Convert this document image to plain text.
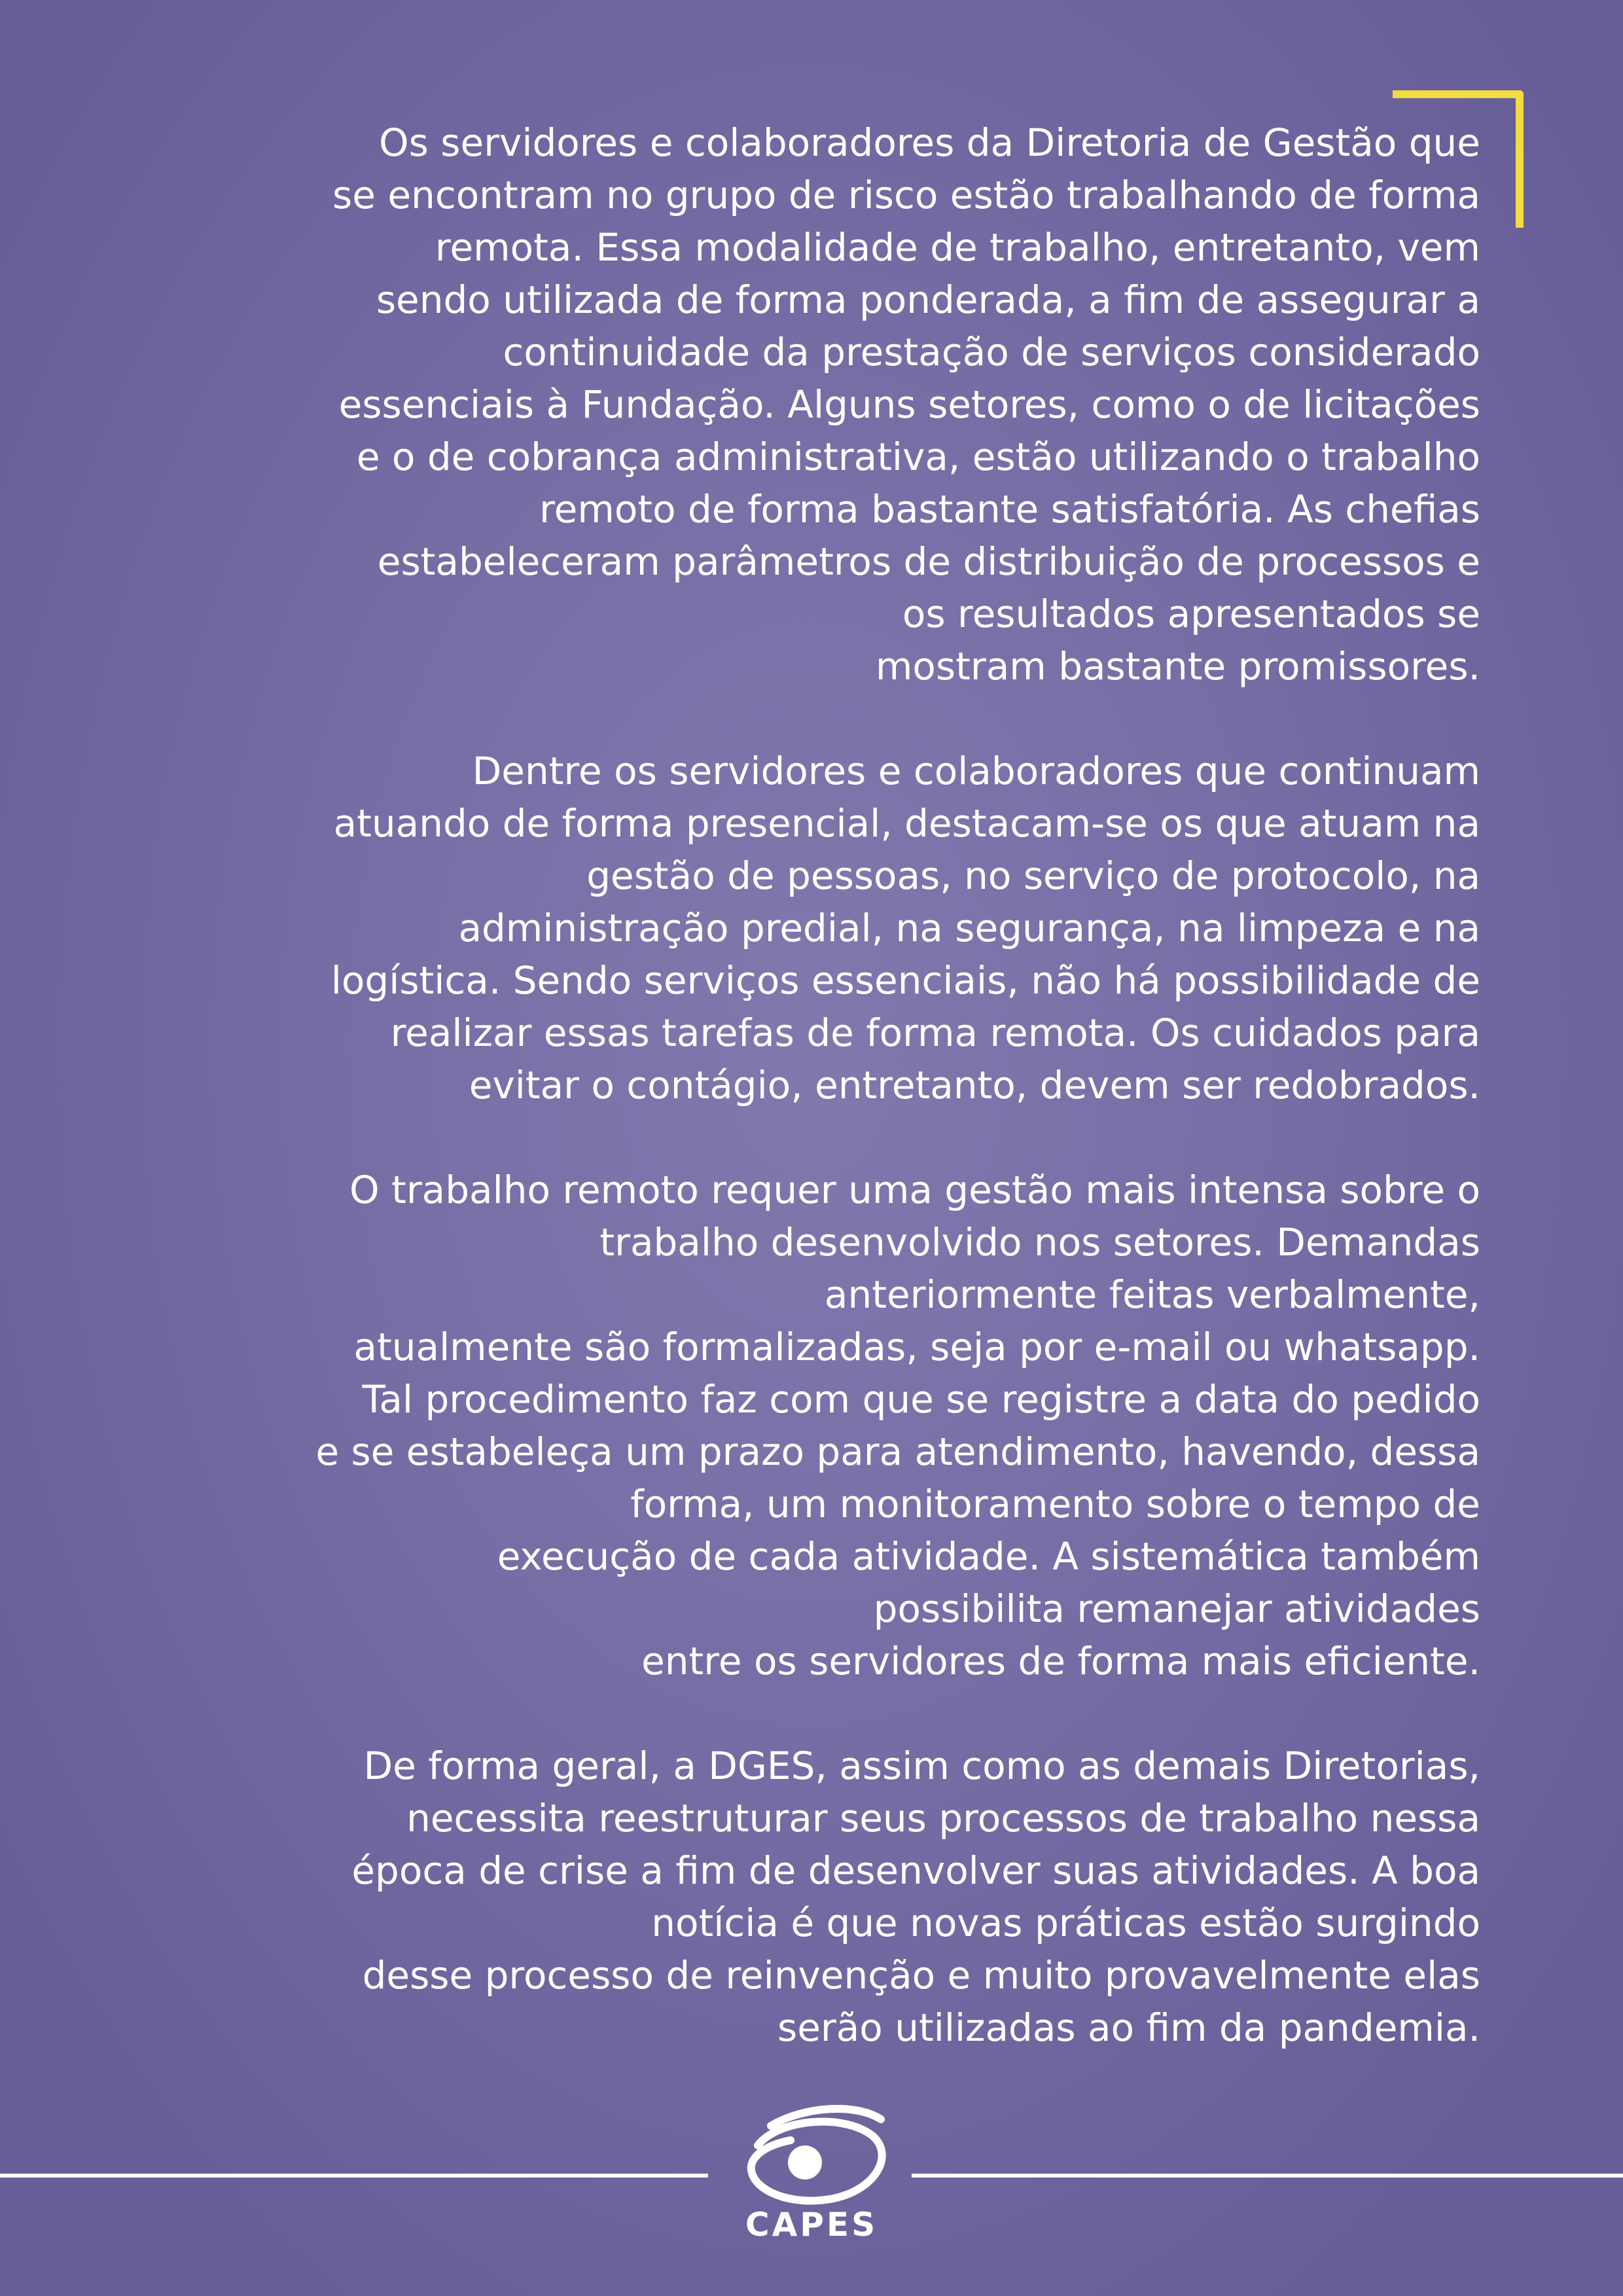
Os servidores e colaboradores da Diretoria de Gestão que
se encontram no grupo de risco estão trabalhando de forma
remota. Essa modalidade de trabalho, entretanto, vem
sendo utilizada de forma ponderada, a fim de assegurar a
continuidade da prestação de serviços considerado
essenciais à Fundação. Alguns setores, como o de licitações
e o de cobrança administrativa, estão utilizando o trabalho
remoto de forma bastante satisfatória. As chefias
estabeleceram parâmetros de distribuição de processos e
os resultados apresentados se
mostram bastante promissores.

Dentre os servidores e colaboradores que continuam
atuando de forma presencial, destacam-se os que atuam na
gestão de pessoas, no serviço de protocolo, na
administração predial, na segurança, na limpeza e na
logística. Sendo serviços essenciais, não há possibilidade de
realizar essas tarefas de forma remota. Os cuidados para
evitar o contágio, entretanto, devem ser redobrados.

O trabalho remoto requer uma gestão mais intensa sobre o
trabalho desenvolvido nos setores. Demandas
anteriormente feitas verbalmente,
atualmente são formalizadas, seja por e-mail ou whatsapp.
Tal procedimento faz com que se registre a data do pedido
e se estabeleça um prazo para atendimento, havendo, dessa
forma, um monitoramento sobre o tempo de
execução de cada atividade. A sistemática também
possibilita remanejar atividades
entre os servidores de forma mais eficiente.

De forma geral, a DGES, assim como as demais Diretorias,
necessita reestruturar seus processos de trabalho nessa
época de crise a fim de desenvolver suas atividades. A boa
notícia é que novas práticas estão surgindo
desse processo de reinvenção e muito provavelmente elas
serão utilizadas ao fim da pandemia.

CAPES
